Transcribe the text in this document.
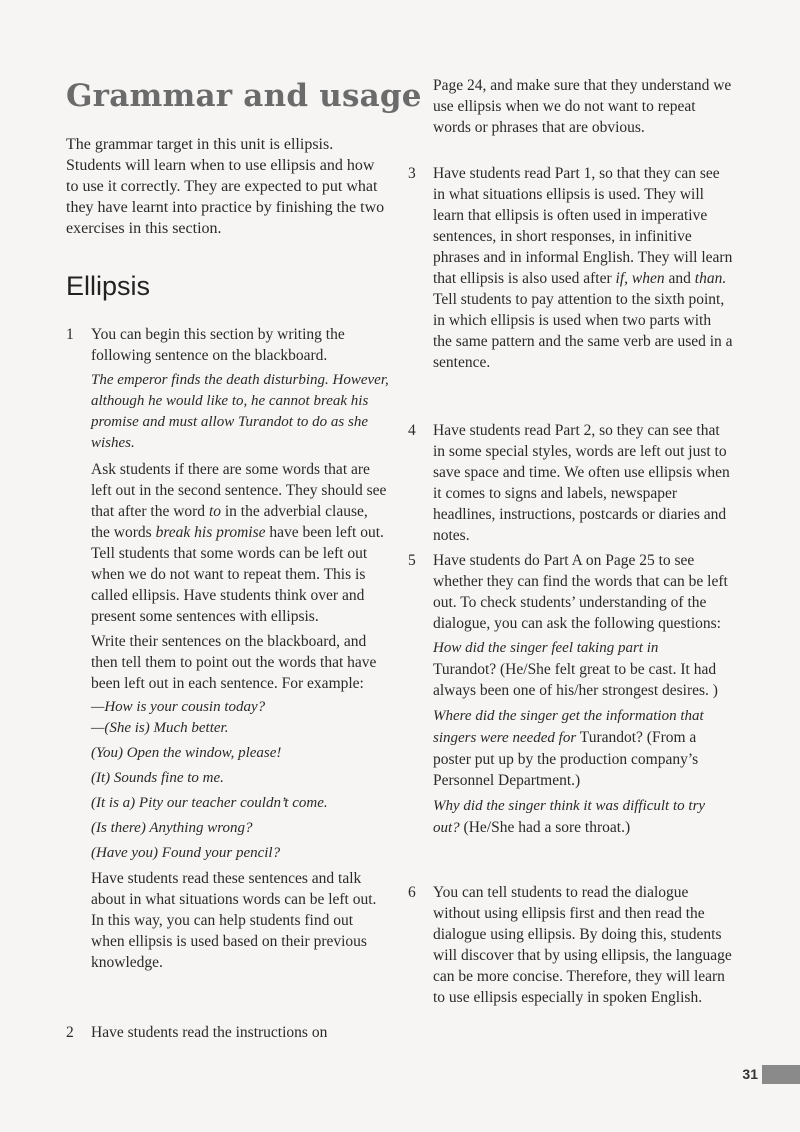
Grammar and usage

The grammar target in this unit is ellipsis. Students will learn when to use ellipsis and how to use it correctly. They are expected to put what they have learnt into practice by finishing the two exercises in this section.

Ellipsis
1	You can begin this section by writing the following sentence on the blackboard.

The emperor finds the death disturbing. However, although he would like to, he cannot break his promise and must allow Turandot to do as she wishes.

Ask students if there are some words that are left out in the second sentence. They should see that after the word to in the adverbial clause, the words break his promise have been left out. Tell students that some words can be left out when we do not want to repeat them. This is called ellipsis. Have students think over and present some sentences with ellipsis.

Write their sentences on the blackboard, and then tell them to point out the words that have been left out in each sentence. For example:

—How is your cousin today?

—(She is) Much better.

(You) Open the window, please!

(It) Sounds fine to me.

(It is a) Pity our teacher couldn’t come.

(Is there) Anything wrong?

(Have you) Found your pencil?

Have students read these sentences and talk about in what situations words can be left out. In this way, you can help students find out when ellipsis is used based on their previous knowledge.

2	Have students read the instructions on

Page 24, and make sure that they understand we use ellipsis when we do not want to repeat words or phrases that are obvious.

3	Have students read Part 1, so that they can see in what situations ellipsis is used. They will learn that ellipsis is often used in imperative sentences, in short responses, in infinitive phrases and in informal English. They will learn that ellipsis is also used after if, when and than. Tell students to pay attention to the sixth point, in which ellipsis is used when two parts with the same pattern and the same verb are used in a sentence.

4	Have students read Part 2, so they can see that in some special styles, words are left out just to save space and time. We often use ellipsis when it comes to signs and labels, newspaper headlines, instructions, postcards or diaries and notes.

5	Have students do Part A on Page 25 to see whether they can find the words that can be left out. To check students’ understanding of the dialogue, you can ask the following questions:

How did the singer feel taking part in
Turandot? (He/She felt great to be cast. It had always been one of his/her strongest desires. )

Where did the singer get the information that singers were needed for Turandot? (From a poster put up by the production company’s Personnel Department.)

Why did the singer think it was difficult to try out? (He/She had a sore throat.)

6	You can tell students to read the dialogue without using ellipsis first and then read the dialogue using ellipsis. By doing this, students will discover that by using ellipsis, the language can be more concise. Therefore, they will learn to use ellipsis especially in spoken English.

31
